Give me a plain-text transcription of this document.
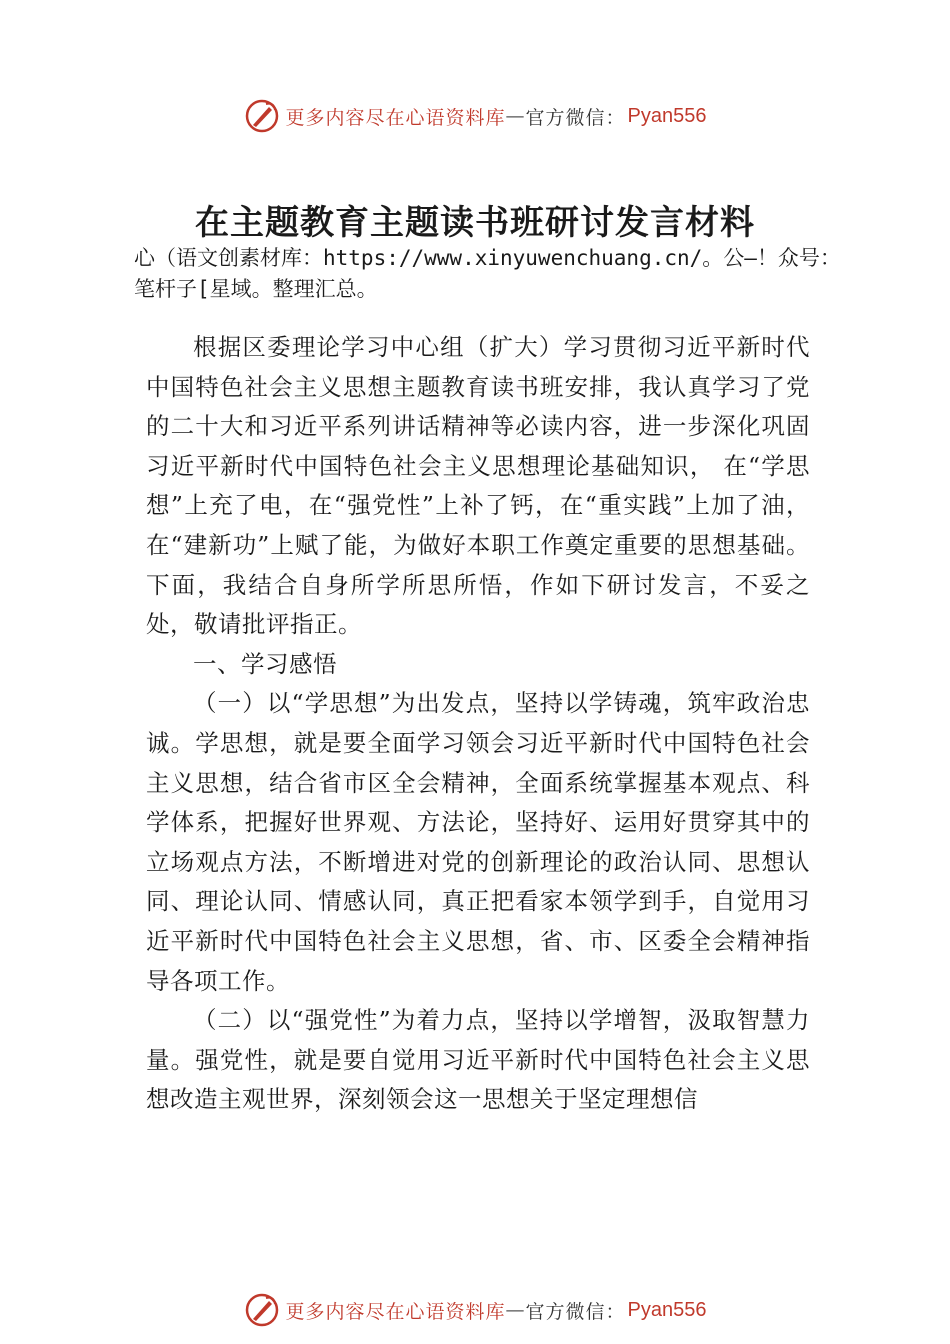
更多内容尽在心语资料库 — 官方微信： Pyan556
在主题教育主题读书班研讨发言材料

心（语文创素材库：https://www.xinyuwenchuang.cn/。公—！众号：笔杆子[星域。整理汇总。

根据区委理论学习中心组（扩大）学习贯彻习近平新时代中国特色社会主义思想主题教育读书班安排，我认真学习了党的二十大和习近平系列讲话精神等必读内容，进一步深化巩固习近平新时代中国特色社会主义思想理论基础知识， 在“学思想”上充了电，在“强党性”上补了钙，在“重实践”上加了油，在“建新功”上赋了能，为做好本职工作奠定重要的思想基础。下面，我结合自身所学所思所悟，作如下研讨发言，不妥之处，敬请批评指正。

一、学习感悟

（一）以“学思想”为出发点，坚持以学铸魂，筑牢政治忠诚。学思想，就是要全面学习领会习近平新时代中国特色社会主义思想，结合省市区全会精神，全面系统掌握基本观点、科学体系，把握好世界观、方法论，坚持好、运用好贯穿其中的立场观点方法，不断增进对党的创新理论的政治认同、思想认同、理论认同、情感认同，真正把看家本领学到手，自觉用习近平新时代中国特色社会主义思想，省、市、区委全会精神指导各项工作。

（二）以“强党性”为着力点，坚持以学增智，汲取智慧力量。强党性，就是要自觉用习近平新时代中国特色社会主义思想改造主观世界，深刻领会这一思想关于坚定理想信

更多内容尽在心语资料库 — 官方微信： Pyan556
